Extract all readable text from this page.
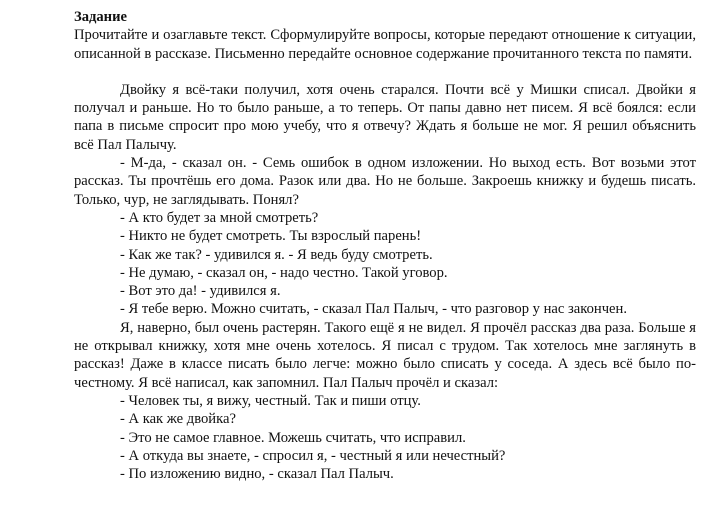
Задание

Прочитайте и озаглавьте текст. Сформулируйте вопросы, которые передают отношение к ситуации, описанной в рассказе. Письменно передайте основное содержание прочитанного текста по памяти.

Двойку я всё-таки получил, хотя очень старался. Почти всё у Мишки списал. Двойки я получал и раньше. Но то было раньше, а то теперь. От папы давно нет писем. Я всё боялся: если папа в письме спросит про мою учебу, что я отвечу? Ждать я больше не мог. Я решил объяснить всё Пал Палычу.

- М-да, - сказал он. - Семь ошибок в одном изложении. Но выход есть. Вот возьми этот рассказ. Ты прочтёшь его дома. Разок или два. Но не больше. Закроешь книжку и будешь писать. Только, чур, не заглядывать. Понял?

- А кто будет за мной смотреть?

- Никто не будет смотреть. Ты взрослый парень!

- Как же так? - удивился я. - Я ведь буду смотреть.

- Не думаю, - сказал он, - надо честно. Такой уговор.

- Вот это да! - удивился я.

- Я тебе верю. Можно считать, - сказал Пал Палыч, - что разговор у нас закончен.

Я, наверно, был очень растерян. Такого ещё я не видел. Я прочёл рассказ два раза. Больше я не открывал книжку, хотя мне очень хотелось. Я писал с трудом. Так хотелось мне заглянуть в рассказ! Даже в классе писать было легче: можно было списать у соседа. А здесь всё было по-честному. Я всё написал, как запомнил. Пал Палыч прочёл и сказал:

- Человек ты, я вижу, честный. Так и пиши отцу.

- А как же двойка?

- Это не самое главное. Можешь считать, что исправил.

- А откуда вы знаете, - спросил я, - честный я или нечестный?

- По изложению видно, - сказал Пал Палыч.
